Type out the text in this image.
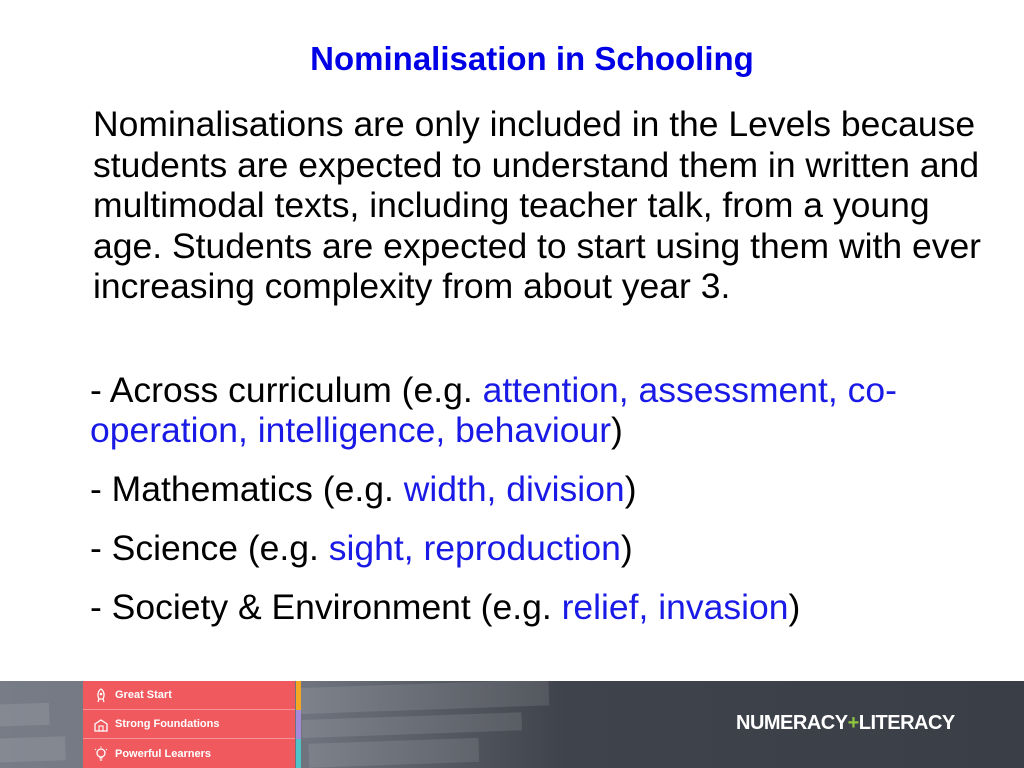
Nominalisation in Schooling

Nominalisations are only included in the Levels because students are expected to understand them in written and multimodal texts, including teacher talk, from a young age. Students are expected to start using them with ever increasing complexity from about year 3.

- Across curriculum (e.g. attention, assessment, co-operation, intelligence, behaviour)
- Mathematics (e.g. width, division)
- Science (e.g. sight, reproduction)
- Society & Environment (e.g. relief, invasion)
Great Start
Strong Foundations
Powerful Learners
NUMERACY+LITERACY
